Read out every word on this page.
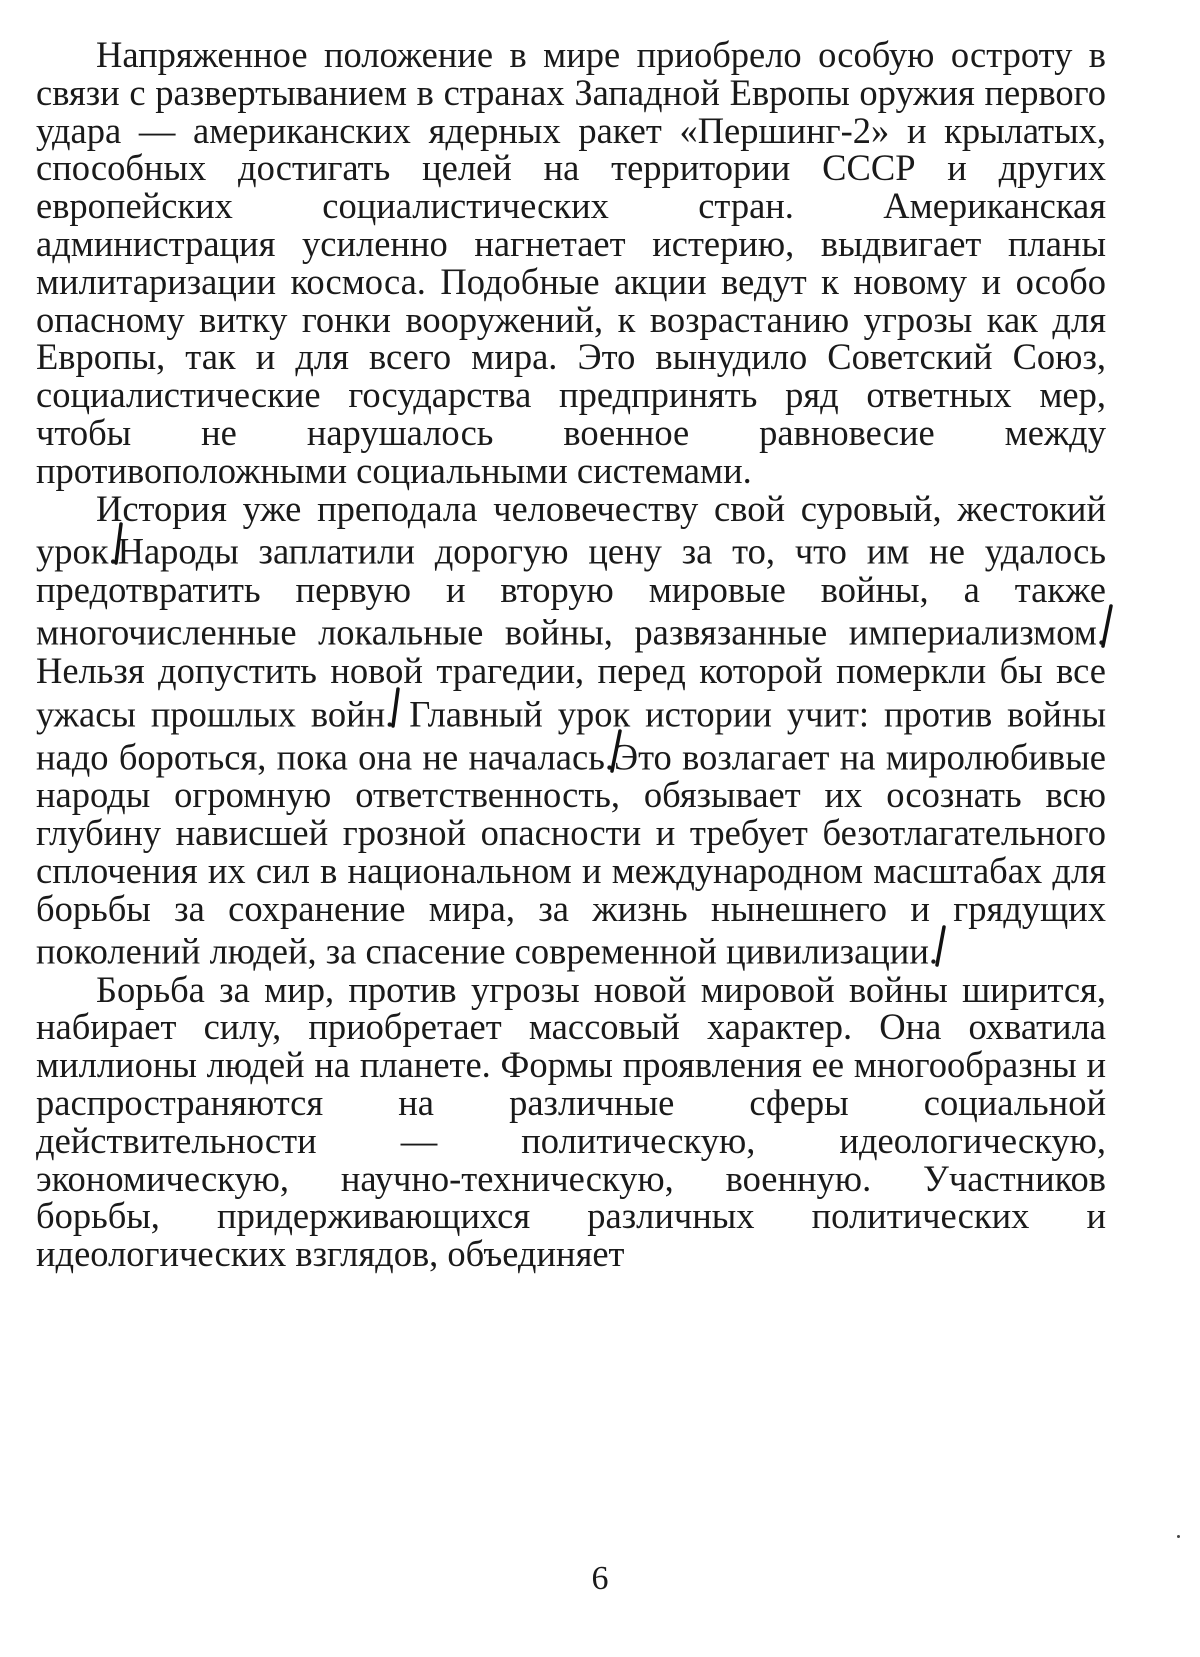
Напряженное положение в мире приобрело особую остроту в связи с развертыванием в странах Западной Европы оружия первого удара — американских ядерных ракет «Першинг-2» и крылатых, способных достигать целей на территории СССР и других европейских социалистических стран. Американская администрация усиленно нагнетает истерию, выдвигает планы милитаризации космоса. Подобные акции ведут к новому и особо опасному витку гонки вооружений, к возрастанию угрозы как для Европы, так и для всего мира. Это вынудило Советский Союз, социалистические государства предпринять ряд ответных мер, чтобы не нарушалось военное равновесие между противоположными социальными системами.

История уже преподала человечеству свой суровый, жестокий урок.
Народы заплатили дорогую цену за то, что им не удалось предотвратить первую и вторую мировые войны, а также многочисленные локальные войны, развязанные империализмом.
Нельзя допустить новой трагедии, перед которой померкли бы все ужасы прошлых войн.
Главный урок истории учит: против войны надо бороться, пока она не началась.
Это возлагает на миролюбивые народы огромную ответственность, обязывает их осознать всю глубину нависшей грозной опасности и требует безотлагательного сплочения их сил в национальном и международном масштабах для борьбы за сохранение мира, за жизнь нынешнего и грядущих поколений людей, за спасение современной цивилизации.

Борьба за мир, против угрозы новой мировой войны ширится, набирает силу, приобретает массовый характер. Она охватила миллионы людей на планете. Формы проявления ее многообразны и распространяются на различные сферы социальной действительности — политическую, идеологическую, экономическую, научно-техническую, военную. Участников борьбы, придерживающихся различных политических и идеологических взглядов, объединяет

6
